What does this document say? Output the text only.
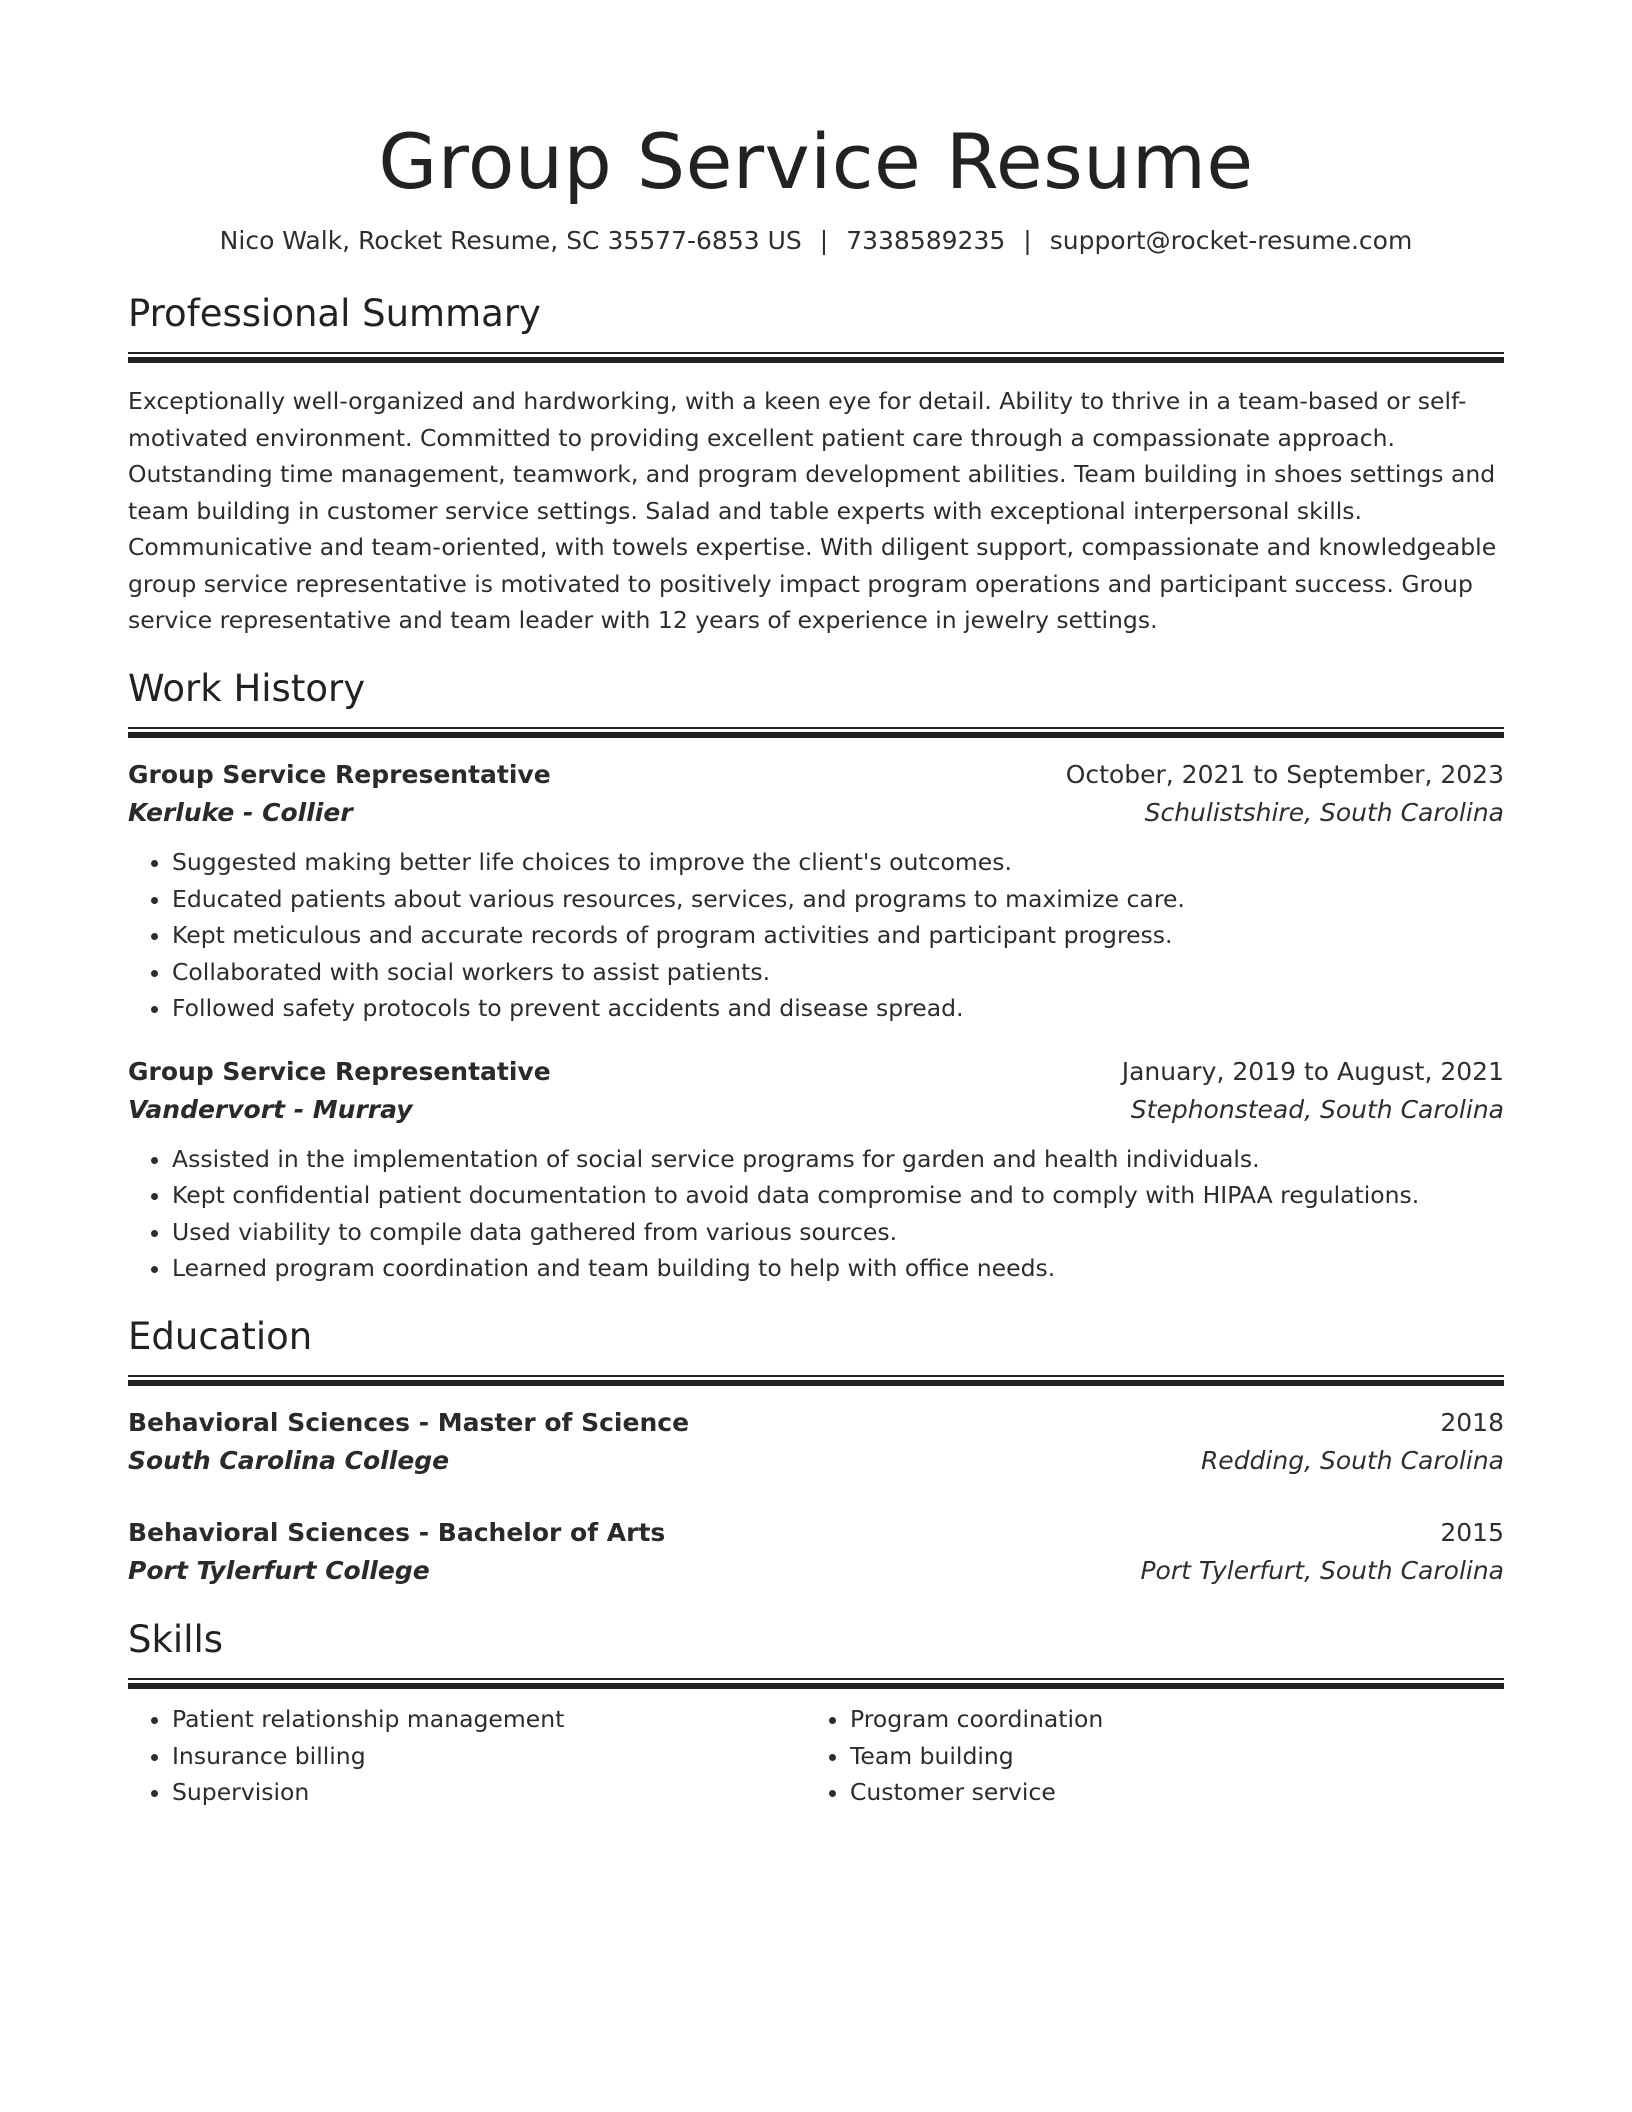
Group Service Resume
Nico Walk, Rocket Resume, SC 35577-6853 US | 7338589235 | support@rocket-resume.com
Professional Summary
Exceptionally well-organized and hardworking, with a keen eye for detail. Ability to thrive in a team-based or self-motivated environment. Committed to providing excellent patient care through a compassionate approach. Outstanding time management, teamwork, and program development abilities. Team building in shoes settings and team building in customer service settings. Salad and table experts with exceptional interpersonal skills. Communicative and team-oriented, with towels expertise. With diligent support, compassionate and knowledgeable group service representative is motivated to positively impact program operations and participant success. Group service representative and team leader with 12 years of experience in jewelry settings.
Work History
Group Service Representative	October, 2021 to September, 2023
Kerluke - Collier	Schulistshire, South Carolina
• Suggested making better life choices to improve the client's outcomes.
• Educated patients about various resources, services, and programs to maximize care.
• Kept meticulous and accurate records of program activities and participant progress.
• Collaborated with social workers to assist patients.
• Followed safety protocols to prevent accidents and disease spread.
Group Service Representative	January, 2019 to August, 2021
Vandervort - Murray	Stephonstead, South Carolina
• Assisted in the implementation of social service programs for garden and health individuals.
• Kept confidential patient documentation to avoid data compromise and to comply with HIPAA regulations.
• Used viability to compile data gathered from various sources.
• Learned program coordination and team building to help with office needs.
Education
Behavioral Sciences - Master of Science	2018
South Carolina College	Redding, South Carolina
Behavioral Sciences - Bachelor of Arts	2015
Port Tylerfurt College	Port Tylerfurt, South Carolina
Skills
• Patient relationship management
• Insurance billing
• Supervision
• Program coordination
• Team building
• Customer service
